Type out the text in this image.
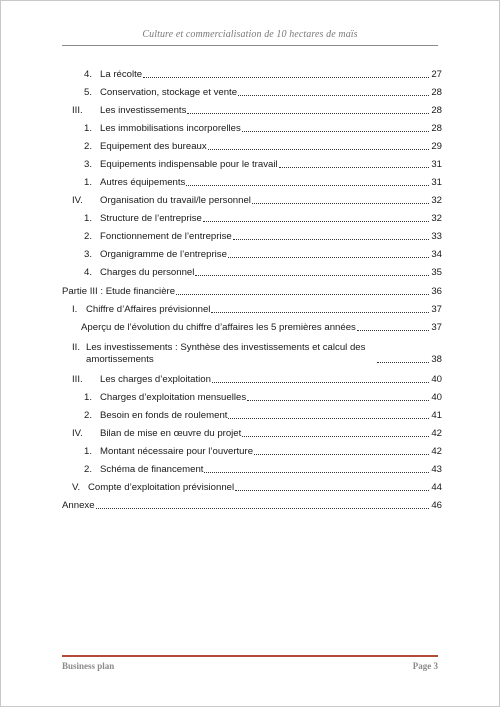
Culture et commercialisation de 10 hectares de maïs
4. La récolte	27
5. Conservation, stockage et vente	28
III.	Les investissements	28
1. Les immobilisations incorporelles	28
2. Equipement des bureaux	29
3. Equipements indispensable pour le travail	31
1. Autres équipements	31
IV.	Organisation du travail/le personnel	32
1. Structure de l’entreprise	32
2. Fonctionnement de l’entreprise	33
3. Organigramme de l’entreprise	34
4. Charges du personnel	35
Partie III : Etude financière	36
I. Chiffre d’Affaires prévisionnel	37
Aperçu de l’évolution du chiffre d’affaires les 5 premières années	37
II. Les investissements : Synthèse des investissements et calcul des amortissements	38
III.	Les charges d’exploitation	40
1. Charges d’exploitation mensuelles	40
2. Besoin en fonds de roulement	41
IV.	Bilan de mise en œuvre du projet	42
1. Montant nécessaire pour l’ouverture	42
2. Schéma de financement	43
V. Compte d’exploitation prévisionnel	44
Annexe	46
Business plan	Page 3
